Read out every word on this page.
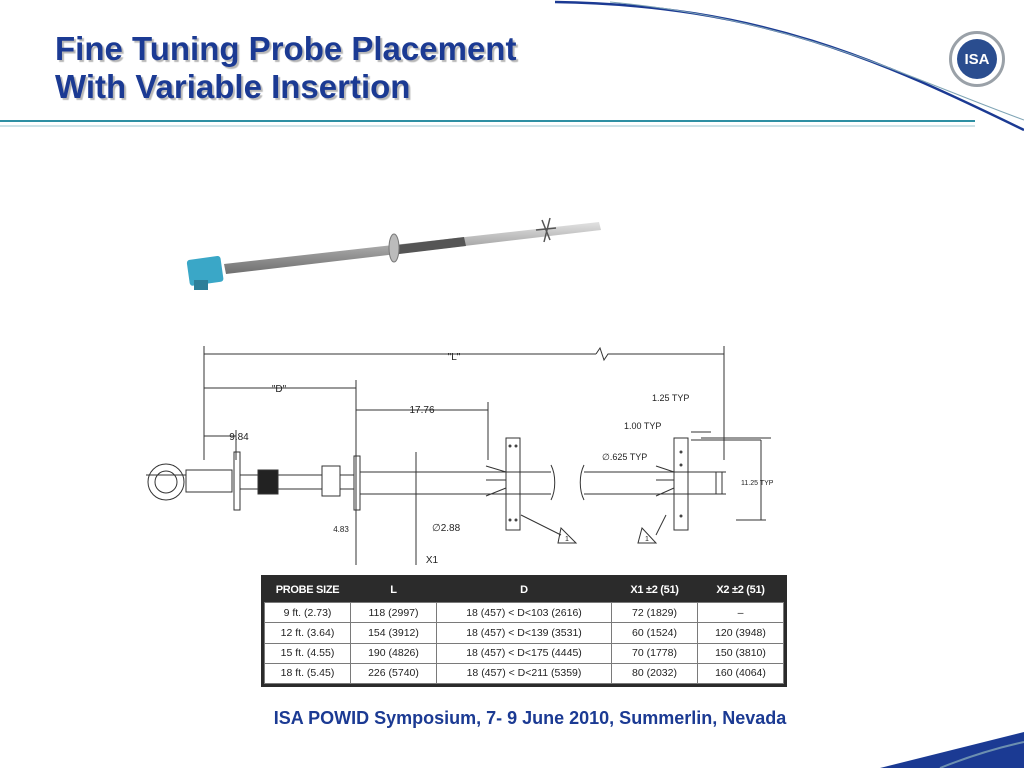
Fine Tuning Probe Placement
With Variable Insertion
ISA
"L"
"D"
17.76
9.84
4.83	∅2.88
X1
1.25 TYP
1.00 TYP
∅.625 TYP
11.25 TYP
1	1
PROBE SIZE	L	D	X1 ±2 (51)	X2 ±2 (51)
9 ft. (2.73)	118 (2997)	18 (457) < D<103 (2616)	72 (1829)	–
12 ft. (3.64)	154 (3912)	18 (457) < D<139 (3531)	60 (1524)	120 (3948)
15 ft. (4.55)	190 (4826)	18 (457) < D<175 (4445)	70 (1778)	150 (3810)
18 ft. (5.45)	226 (5740)	18 (457) < D<211 (5359)	80 (2032)	160 (4064)
ISA POWID Symposium, 7- 9 June 2010, Summerlin, Nevada
